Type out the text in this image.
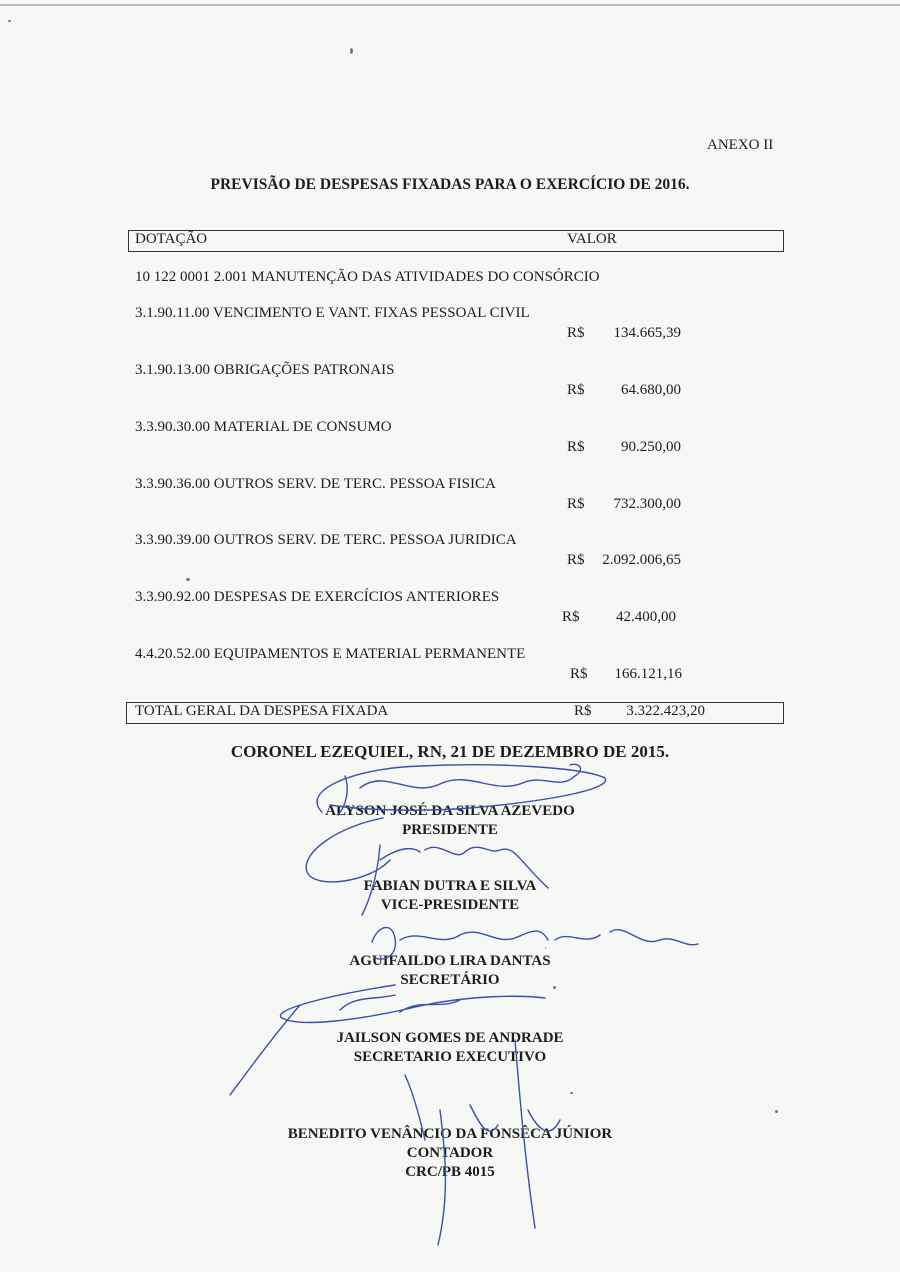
ANEXO II
PREVISÃO DE DESPESAS FIXADAS PARA O EXERCÍCIO DE 2016.
DOTAÇÃO	VALOR
10 122 0001 2.001 MANUTENÇÃO DAS ATIVIDADES DO CONSÓRCIO
3.1.90.11.00 VENCIMENTO E VANT. FIXAS PESSOAL CIVIL
R$	134.665,39
3.1.90.13.00 OBRIGAÇÕES PATRONAIS
R$	64.680,00
3.3.90.30.00 MATERIAL DE CONSUMO
R$	90.250,00
3.3.90.36.00 OUTROS SERV. DE TERC. PESSOA FISICA
R$	732.300,00
3.3.90.39.00 OUTROS SERV. DE TERC. PESSOA JURIDICA
R$	2.092.006,65
3.3.90.92.00 DESPESAS DE EXERCÍCIOS ANTERIORES
R$	42.400,00
4.4.20.52.00 EQUIPAMENTOS E MATERIAL PERMANENTE
R$	166.121,16
TOTAL GERAL DA DESPESA FIXADA	R$	3.322.423,20
CORONEL EZEQUIEL, RN, 21 DE DEZEMBRO DE 2015.
ALYSON JOSÉ DA SILVA AZEVEDO
PRESIDENTE
FABIAN DUTRA E SILVA
VICE-PRESIDENTE
AGUIFAILDO LIRA DANTAS
SECRETÁRIO
JAILSON GOMES DE ANDRADE
SECRETARIO EXECUTIVO
BENEDITO VENÂNCIO DA FONSÊCA JÚNIOR
CONTADOR
CRC/PB 4015
